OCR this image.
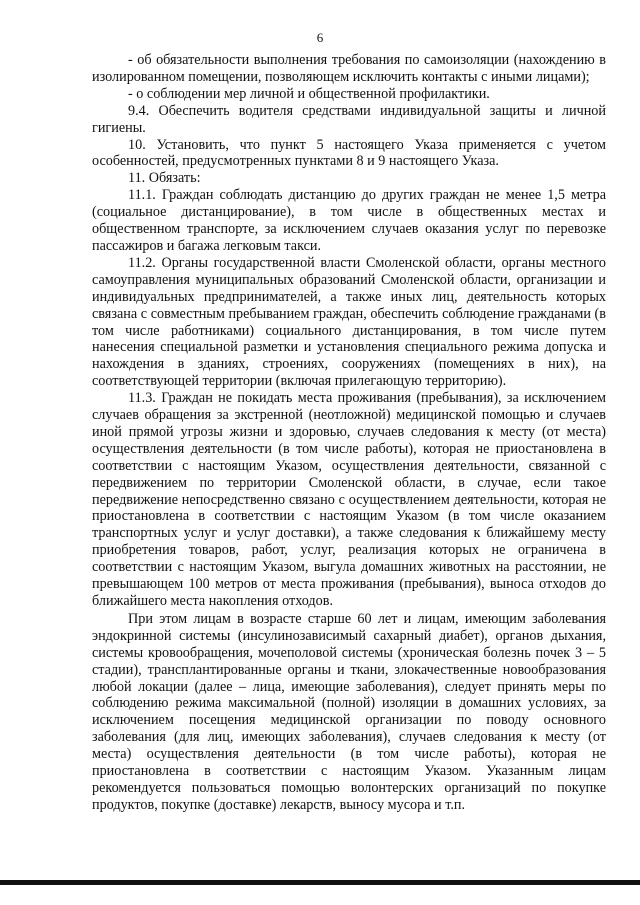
6

- об обязательности выполнения требования по самоизоляции (нахождению в изолированном помещении, позволяющем исключить контакты с иными лицами);

- о соблюдении мер личной и общественной профилактики.

9.4. Обеспечить водителя средствами индивидуальной защиты и личной гигиены.

10. Установить, что пункт 5 настоящего Указа применяется с учетом особенностей, предусмотренных пунктами 8 и 9 настоящего Указа.

11. Обязать:

11.1. Граждан соблюдать дистанцию до других граждан не менее 1,5 метра (социальное дистанцирование), в том числе в общественных местах и общественном транспорте, за исключением случаев оказания услуг по перевозке пассажиров и багажа легковым такси.

11.2. Органы государственной власти Смоленской области, органы местного самоуправления муниципальных образований Смоленской области, организации и индивидуальных предпринимателей, а также иных лиц, деятельность которых связана с совместным пребыванием граждан, обеспечить соблюдение гражданами (в том числе работниками) социального дистанцирования, в том числе путем нанесения специальной разметки и установления специального режима допуска и нахождения в зданиях, строениях, сооружениях (помещениях в них), на соответствующей территории (включая прилегающую территорию).

11.3. Граждан не покидать места проживания (пребывания), за исключением случаев обращения за экстренной (неотложной) медицинской помощью и случаев иной прямой угрозы жизни и здоровью, случаев следования к месту (от места) осуществления деятельности (в том числе работы), которая не приостановлена в соответствии с настоящим Указом, осуществления деятельности, связанной с передвижением по территории Смоленской области, в случае, если такое передвижение непосредственно связано с осуществлением деятельности, которая не приостановлена в соответствии с настоящим Указом (в том числе оказанием транспортных услуг и услуг доставки), а также следования к ближайшему месту приобретения товаров, работ, услуг, реализация которых не ограничена в соответствии с настоящим Указом, выгула домашних животных на расстоянии, не превышающем 100 метров от места проживания (пребывания), выноса отходов до ближайшего места накопления отходов.

При этом лицам в возрасте старше 60 лет и лицам, имеющим заболевания эндокринной системы (инсулинозависимый сахарный диабет), органов дыхания, системы кровообращения, мочеполовой системы (хроническая болезнь почек 3 – 5 стадии), трансплантированные органы и ткани, злокачественные новообразования любой локации (далее – лица, имеющие заболевания), следует принять меры по соблюдению режима максимальной (полной) изоляции в домашних условиях, за исключением посещения медицинской организации по поводу основного заболевания (для лиц, имеющих заболевания), случаев следования к месту (от места) осуществления деятельности (в том числе работы), которая не приостановлена в соответствии с настоящим Указом. Указанным лицам рекомендуется пользоваться помощью волонтерских организаций по покупке продуктов, покупке (доставке) лекарств, выносу мусора и т.п.
